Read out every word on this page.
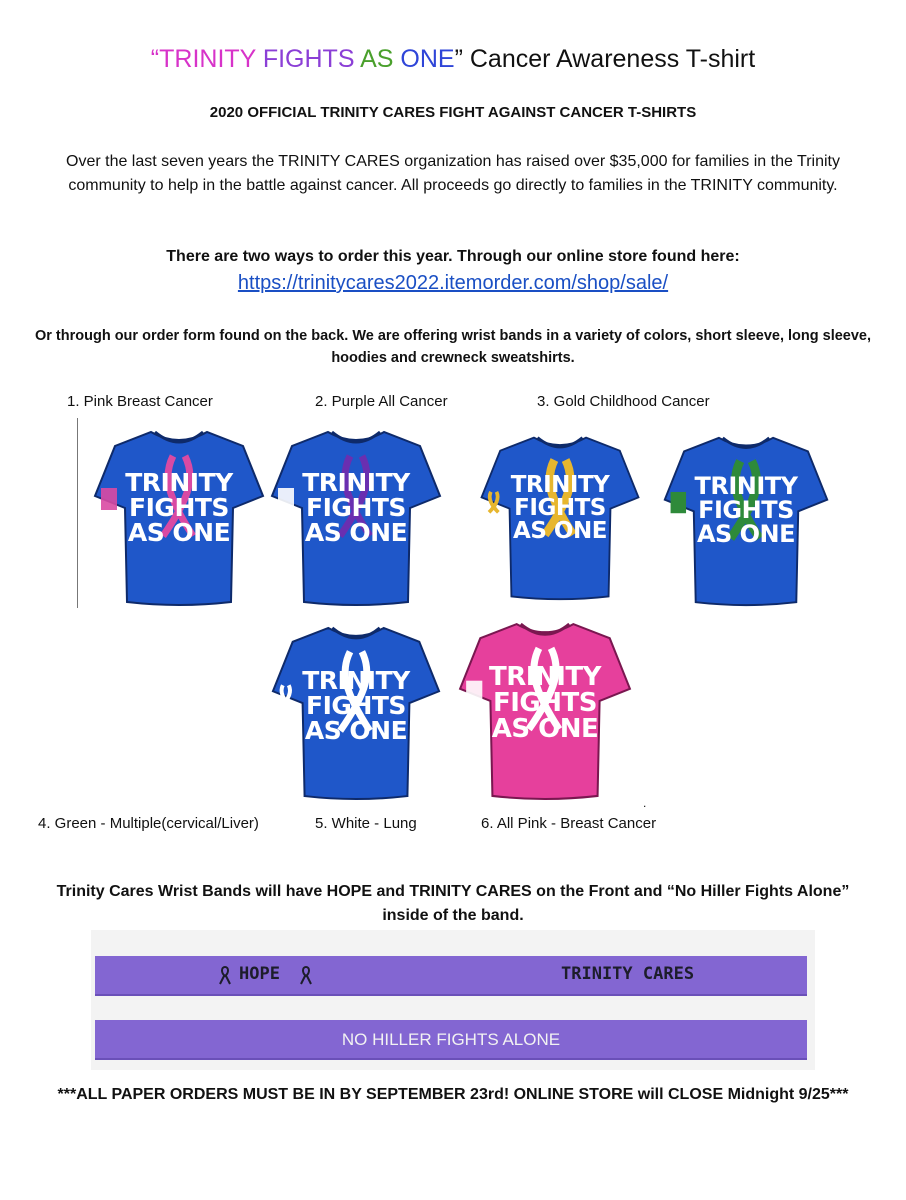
“TRINITY FIGHTS AS ONE” Cancer Awareness T-shirt
2020 OFFICIAL TRINITY CARES FIGHT AGAINST CANCER T-SHIRTS
Over the last seven years the TRINITY CARES organization has raised over $35,000 for families in the Trinity community to help in the battle against cancer. All proceeds go directly to families in the TRINITY community.
There are two ways to order this year. Through our online store found here:
https://trinitycares2022.itemorder.com/shop/sale/
Or through our order form found on the back. We are offering wrist bands in a variety of colors, short sleeve, long sleeve, hoodies and crewneck sweatshirts.
1. Pink Breast Cancer	2. Purple All Cancer	3. Gold Childhood Cancer
TRINITY
FIGHTS
AS ONE
TRINITY
FIGHTS
AS ONE
TRINITY
FIGHTS
AS ONE
TRINITY
FIGHTS
AS ONE
TRINITY
FIGHTS
AS ONE
TRINITY
FIGHTS
AS ONE
.
4. Green - Multiple(cervical/Liver)	5. White - Lung	6. All Pink - Breast Cancer
Trinity Cares Wrist Bands will have HOPE and TRINITY CARES on the Front and “No Hiller Fights Alone” inside of the band.
HOPE	TRINITY CARES
NO HILLER FIGHTS ALONE
***ALL PAPER ORDERS MUST BE IN BY SEPTEMBER 23rd! ONLINE STORE will CLOSE Midnight 9/25***
